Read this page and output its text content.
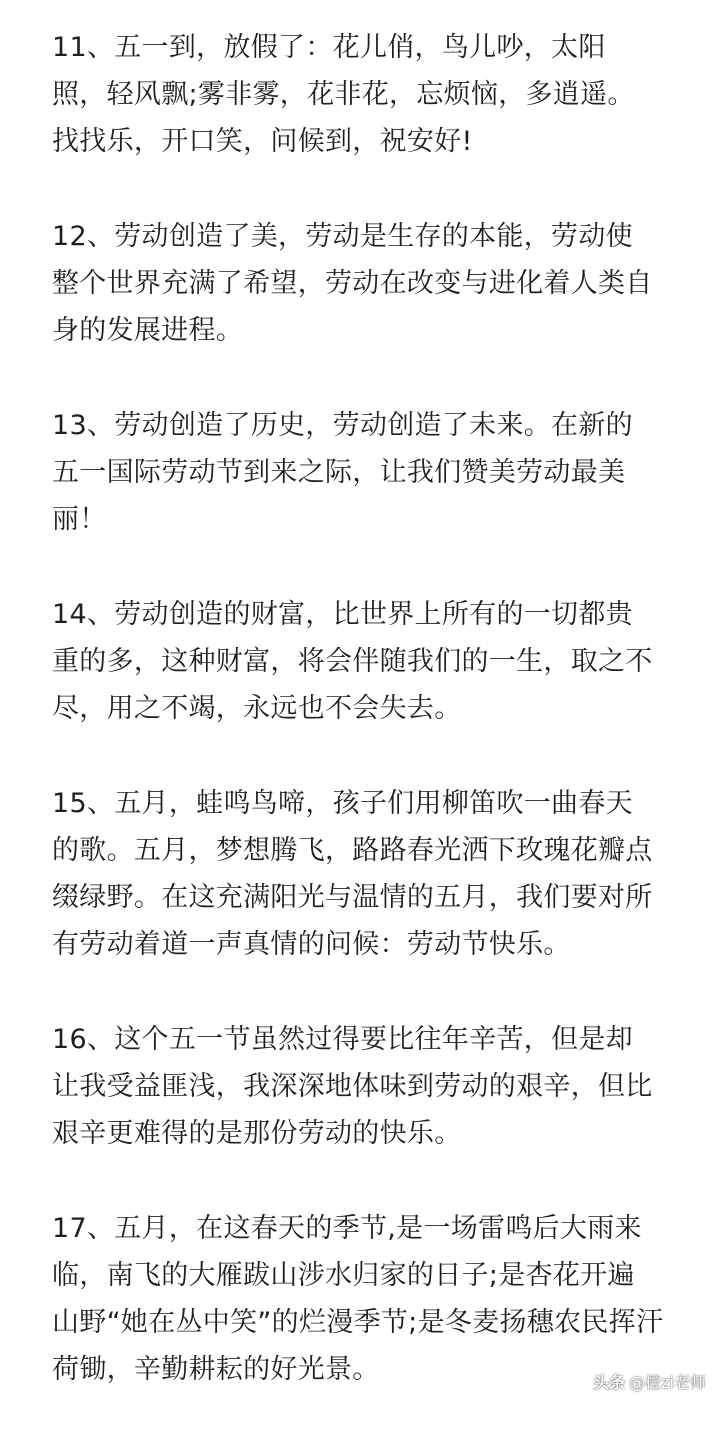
11、五一到，放假了：花儿俏，鸟儿吵，太阳
照，轻风飘;雾非雾，花非花，忘烦恼，多逍遥。
找找乐，开口笑，问候到，祝安好!

12、劳动创造了美，劳动是生存的本能，劳动使
整个世界充满了希望，劳动在改变与进化着人类自
身的发展进程。

13、劳动创造了历史，劳动创造了未来。在新的
五一国际劳动节到来之际，让我们赞美劳动最美
丽！

14、劳动创造的财富，比世界上所有的一切都贵
重的多，这种财富，将会伴随我们的一生，取之不
尽，用之不竭，永远也不会失去。

15、五月，蛙鸣鸟啼，孩子们用柳笛吹一曲春天
的歌。五月，梦想腾飞，路路春光洒下玫瑰花瓣点
缀绿野。在这充满阳光与温情的五月，我们要对所
有劳动着道一声真情的问候：劳动节快乐。

16、这个五一节虽然过得要比往年辛苦，但是却
让我受益匪浅，我深深地体味到劳动的艰辛，但比
艰辛更难得的是那份劳动的快乐。

17、五月，在这春天的季节,是一场雷鸣后大雨来
临，南飞的大雁跋山涉水归家的日子;是杏花开遍
山野“她在丛中笑”的烂漫季节;是冬麦扬穗农民挥汗
荷锄，辛勤耕耘的好光景。	头条 @橙zi老师
